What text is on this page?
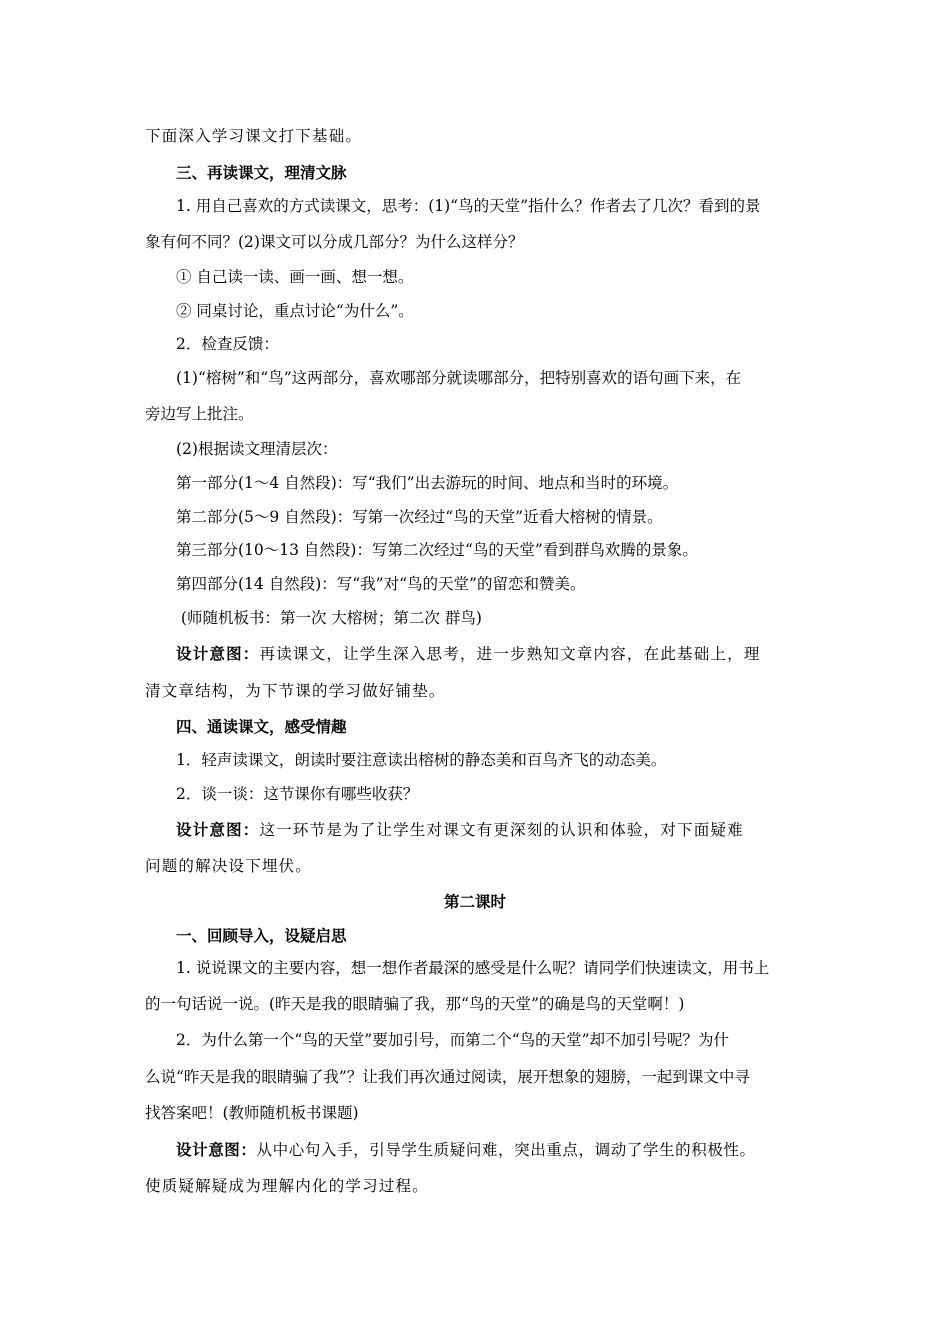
下面深入学习课文打下基础。
三、再读课文，理清文脉
1. 用自己喜欢的方式读课文，思考：(1)“鸟的天堂”指什么？作者去了几次？看到的景
象有何不同？(2)课文可以分成几部分？为什么这样分？
① 自己读一读、画一画、想一想。
② 同桌讨论，重点讨论“为什么”。
2．检查反馈：
(1)“榕树”和“鸟”这两部分，喜欢哪部分就读哪部分，把特别喜欢的语句画下来，在
旁边写上批注。
(2)根据读文理清层次：
第一部分(1～4 自然段)：写“我们”出去游玩的时间、地点和当时的环境。
第二部分(5～9 自然段)：写第一次经过“鸟的天堂”近看大榕树的情景。
第三部分(10～13 自然段)：写第二次经过“鸟的天堂”看到群鸟欢腾的景象。
第四部分(14 自然段)：写“我”对“鸟的天堂”的留恋和赞美。
(师随机板书：第一次 大榕树；第二次 群鸟)
设计意图：再读课文，让学生深入思考，进一步熟知文章内容，在此基础上，理
清文章结构，为下节课的学习做好铺垫。
四、通读课文，感受情趣
1．轻声读课文，朗读时要注意读出榕树的静态美和百鸟齐飞的动态美。
2．谈一谈：这节课你有哪些收获？
设计意图：这一环节是为了让学生对课文有更深刻的认识和体验，对下面疑难
问题的解决设下埋伏。
第二课时
一、回顾导入，设疑启思
1. 说说课文的主要内容，想一想作者最深的感受是什么呢？请同学们快速读文，用书上
的一句话说一说。(昨天是我的眼睛骗了我，那“鸟的天堂”的确是鸟的天堂啊！)
2．为什么第一个“鸟的天堂”要加引号，而第二个“鸟的天堂”却不加引号呢？为什
么说“昨天是我的眼睛骗了我”？让我们再次通过阅读，展开想象的翅膀，一起到课文中寻
找答案吧！(教师随机板书课题)
设计意图：从中心句入手，引导学生质疑问难，突出重点，调动了学生的积极性。
使质疑解疑成为理解内化的学习过程。
